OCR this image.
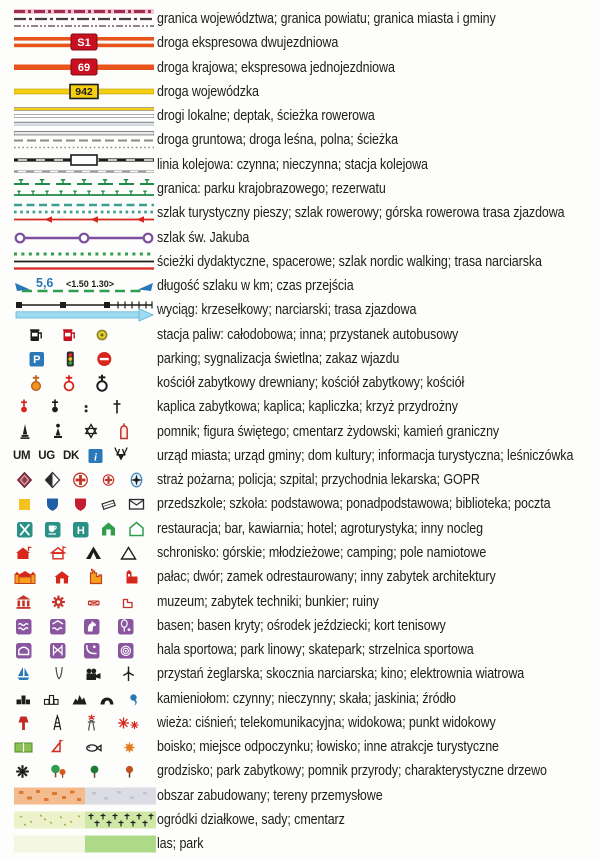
granica województwa; granica powiatu; granica miasta i gminy
S1	droga ekspresowa dwujezdniowa
69	droga krajowa; ekspresowa jednojezdniowa
942	droga wojewódzka
drogi lokalne; deptak, ścieżka rowerowa
droga gruntowa; droga leśna, polna; ścieżka
linia kolejowa: czynna; nieczynna; stacja kolejowa
granica: parku krajobrazowego; rezerwatu
szlak turystyczny pieszy; szlak rowerowy; górska rowerowa trasa zjazdowa
szlak św. Jakuba
ścieżki dydaktyczne, spacerowe; szlak nordic walking; trasa narciarska
5,6 <1.50 1.30>	długość szlaku w km; czas przejścia
wyciąg: krzesełkowy; narciarski; trasa zjazdowa
stacja paliw: całodobowa; inna; przystanek autobusowy
P	parking; sygnalizacja świetlna; zakaz wjazdu
kościół zabytkowy drewniany; kościół zabytkowy; kościół
kaplica zabytkowa; kaplica; kapliczka; krzyż przydrożny
pomnik; figura świętego; cmentarz żydowski; kamień graniczny
UM UG DK i	urząd miasta; urząd gminy; dom kultury; informacja turystyczna; leśniczówka
straż pożarna; policja; szpital; przychodnia lekarska; GOPR
przedszkole; szkoła: podstawowa; ponadpodstawowa; biblioteka; poczta
H	restauracja; bar, kawiarnia; hotel; agroturystyka; inny nocleg
schronisko: górskie; młodzieżowe; camping; pole namiotowe
pałac; dwór; zamek odrestaurowany; inny zabytek architektury
muzeum; zabytek techniki; bunkier; ruiny
basen; basen kryty; ośrodek jeździecki; kort tenisowy
hala sportowa; park linowy; skatepark; strzelnica sportowa
przystań żeglarska; skocznia narciarska; kino; elektrownia wiatrowa
kamieniołom: czynny; nieczynny; skała; jaskinia; źródło
wieża: ciśnień; telekomunikacyjna; widokowa; punkt widokowy
boisko; miejsce odpoczynku; łowisko; inne atrakcje turystyczne
grodzisko; park zabytkowy; pomnik przyrody; charakterystyczne drzewo
obszar zabudowany; tereny przemysłowe
ogródki działkowe, sady; cmentarz
las; park
